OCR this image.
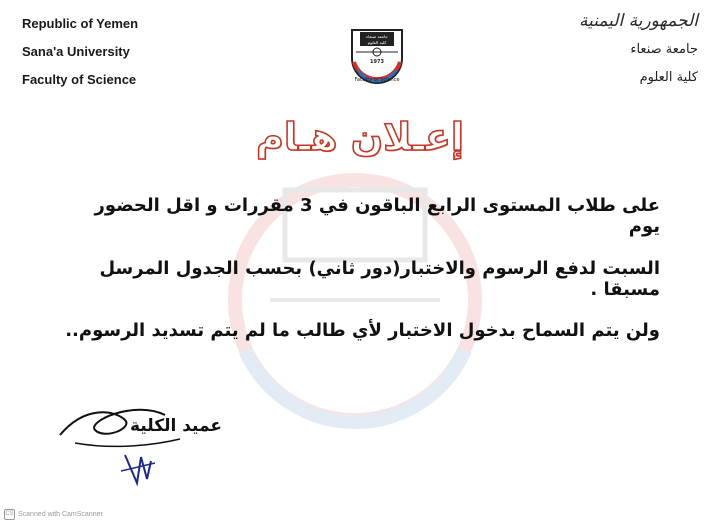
Republic of Yemen
Sana'a University
Faculty of Science
الجمهورية اليمنية
جامعة صنعاء
كلية العلوم
جامعة صنعاء
كلية العلوم
1973
Faculty of Science
إعـلان هـام
على طلاب المستوى الرابع الباقون في 3 مقررات و اقل الحضور يوم
السبت لدفع الرسوم والاختبار(دور ثاني) بحسب الجدول المرسل مسبقا .
ولن يتم السماح بدخول الاختبار لأي طالب ما لم يتم تسديد الرسوم..
عميد الكلية
CS Scanned with CamScanner
